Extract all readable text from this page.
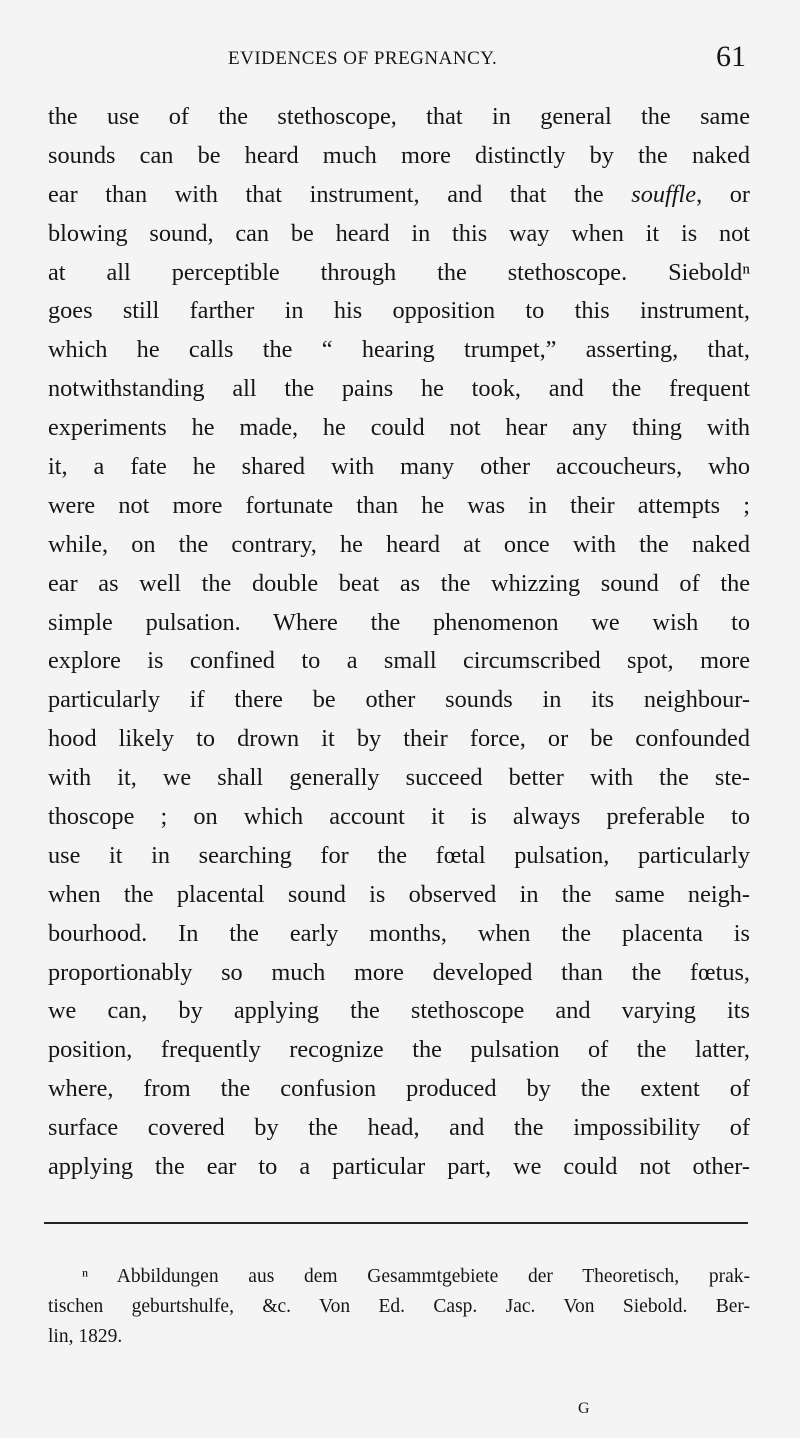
EVIDENCES OF PREGNANCY.	61
the use of the stethoscope, that in general the same
sounds can be heard much more distinctly by the naked
ear than with that instrument, and that the souffle, or
blowing sound, can be heard in this way when it is not
at all perceptible through the stethoscope. Sieboldⁿ
goes still farther in his opposition to this instrument,
which he calls the “ hearing trumpet,” asserting, that,
notwithstanding all the pains he took, and the frequent
experiments he made, he could not hear any thing with
it, a fate he shared with many other accoucheurs, who
were not more fortunate than he was in their attempts ;
while, on the contrary, he heard at once with the naked
ear as well the double beat as the whizzing sound of the
simple pulsation. Where the phenomenon we wish to
explore is confined to a small circumscribed spot, more
particularly if there be other sounds in its neighbour-
hood likely to drown it by their force, or be confounded
with it, we shall generally succeed better with the ste-
thoscope ; on which account it is always preferable to
use it in searching for the fœtal pulsation, particularly
when the placental sound is observed in the same neigh-
bourhood. In the early months, when the placenta is
proportionably so much more developed than the fœtus,
we can, by applying the stethoscope and varying its
position, frequently recognize the pulsation of the latter,
where, from the confusion produced by the extent of
surface covered by the head, and the impossibility of
applying the ear to a particular part, we could not other-
ⁿ Abbildungen aus dem Gesammtgebiete der Theoretisch, prak-
tischen geburtshulfe, &c. Von Ed. Casp. Jac. Von Siebold. Ber-
lin, 1829.
G
